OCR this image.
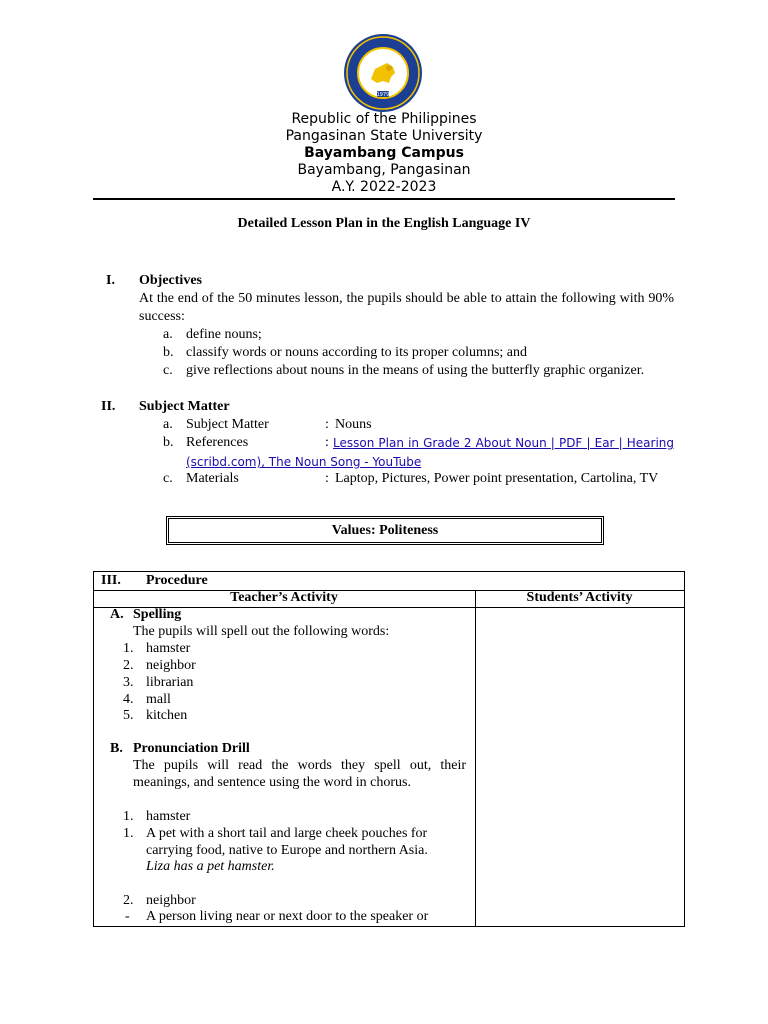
1979
Republic of the Philippines
Pangasinan State University
Bayambang Campus
Bayambang, Pangasinan
A.Y. 2022-2023
Detailed Lesson Plan in the English Language IV
I. Objectives
At the end of the 50 minutes lesson, the pupils should be able to attain the following with 90% success:
a. define nouns;
b. classify words or nouns according to its proper columns; and
c. give reflections about nouns in the means of using the butterfly graphic organizer.
II. Subject Matter
a. Subject Matter	: Nouns
b. References	: Lesson Plan in Grade 2 About Noun | PDF | Ear | Hearing (scribd.com), The Noun Song - YouTube
c. Materials	: Laptop, Pictures, Power point presentation, Cartolina, TV
Values: Politeness
III. Procedure
Teacher’s Activity	Students’ Activity
A. Spelling
The pupils will spell out the following words:
1. hamster
2. neighbor
3. librarian
4. mall
5. kitchen
B. Pronunciation Drill
The pupils will read the words they spell out, their meanings, and sentence using the word in chorus.
1. hamster
1. A pet with a short tail and large cheek pouches for carrying food, native to Europe and northern Asia.
Liza has a pet hamster.
2. neighbor
- A person living near or next door to the speaker or
